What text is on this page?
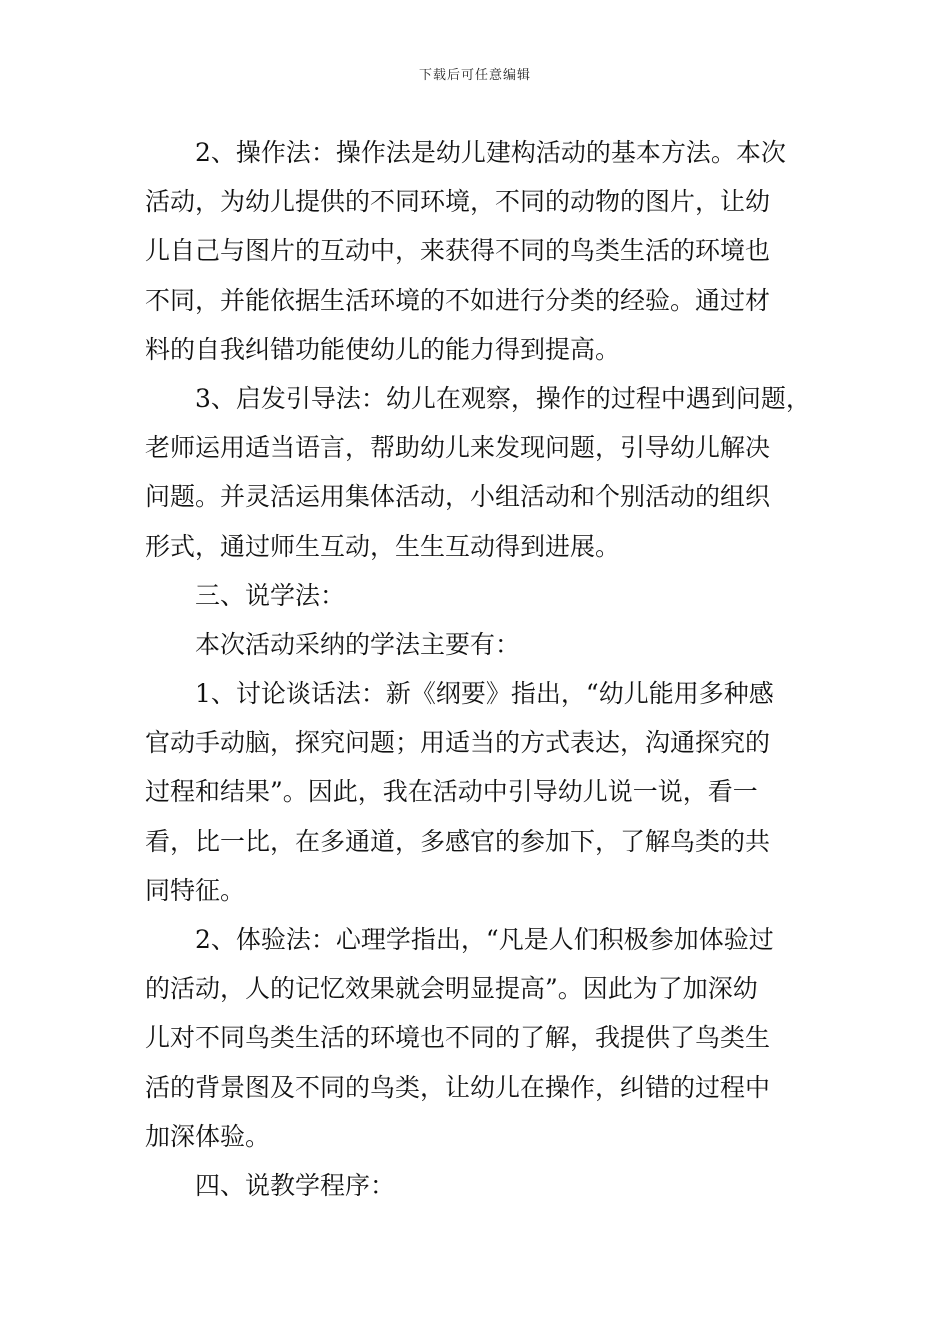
下载后可任意编辑
2、操作法：操作法是幼儿建构活动的基本方法。本次
活动，为幼儿提供的不同环境，不同的动物的图片，让幼
儿自己与图片的互动中，来获得不同的鸟类生活的环境也
不同，并能依据生活环境的不如进行分类的经验。通过材
料的自我纠错功能使幼儿的能力得到提高。
3、启发引导法：幼儿在观察，操作的过程中遇到问题，
老师运用适当语言，帮助幼儿来发现问题，引导幼儿解决
问题。并灵活运用集体活动，小组活动和个别活动的组织
形式，通过师生互动，生生互动得到进展。
三、说学法：
本次活动采纳的学法主要有：
1、讨论谈话法：新《纲要》指出，“幼儿能用多种感
官动手动脑，探究问题；用适当的方式表达，沟通探究的
过程和结果”。因此，我在活动中引导幼儿说一说，看一
看，比一比，在多通道，多感官的参加下，了解鸟类的共
同特征。
2、体验法：心理学指出，“凡是人们积极参加体验过
的活动，人的记忆效果就会明显提高”。因此为了加深幼
儿对不同鸟类生活的环境也不同的了解，我提供了鸟类生
活的背景图及不同的鸟类，让幼儿在操作，纠错的过程中
加深体验。
四、说教学程序：
